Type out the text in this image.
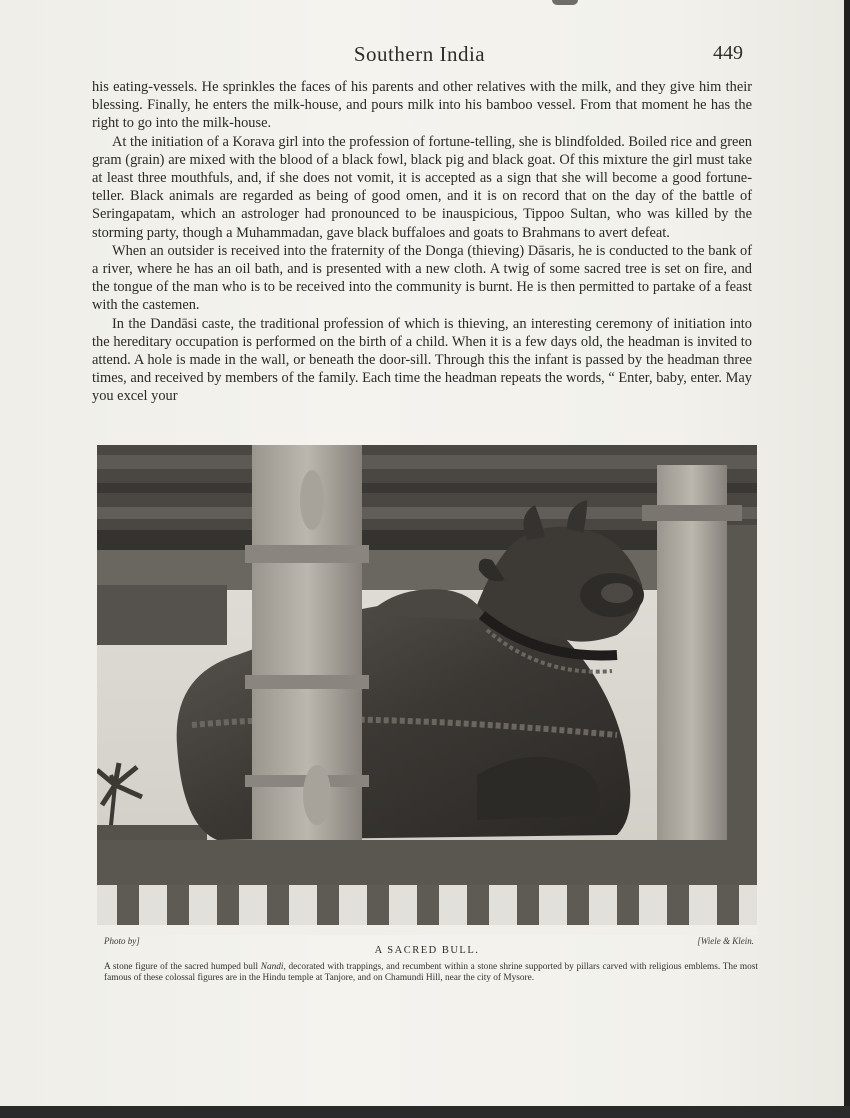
Southern India	449

his eating-vessels. He sprinkles the faces of his parents and other relatives with the milk, and they give him their blessing. Finally, he enters the milk-house, and pours milk into his bamboo vessel. From that moment he has the right to go into the milk-house.

At the initiation of a Korava girl into the profession of fortune-telling, she is blindfolded. Boiled rice and green gram (grain) are mixed with the blood of a black fowl, black pig and black goat. Of this mixture the girl must take at least three mouthfuls, and, if she does not vomit, it is accepted as a sign that she will become a good fortune-teller. Black animals are regarded as being of good omen, and it is on record that on the day of the battle of Seringapatam, which an astrologer had pronounced to be inauspicious, Tippoo Sultan, who was killed by the storming party, though a Muhammadan, gave black buffaloes and goats to Brahmans to avert defeat.

When an outsider is received into the fraternity of the Donga (thieving) Dāsaris, he is conducted to the bank of a river, where he has an oil bath, and is presented with a new cloth. A twig of some sacred tree is set on fire, and the tongue of the man who is to be received into the community is burnt. He is then permitted to partake of a feast with the castemen.

In the Dandāsi caste, the traditional profession of which is thieving, an interesting ceremony of initiation into the hereditary occupation is performed on the birth of a child. When it is a few days old, the headman is invited to attend. A hole is made in the wall, or beneath the door-sill. Through this the infant is passed by the headman three times, and received by members of the family. Each time the headman repeats the words, “ Enter, baby, enter. May you excel your

Photo by]	[Wiele & Klein.
A SACRED BULL.
A stone figure of the sacred humped bull Nandi, decorated with trappings, and recumbent within a stone shrine supported by pillars carved with religious emblems. The most famous of these colossal figures are in the Hindu temple at Tanjore, and on Chamundi Hill, near the city of Mysore.
